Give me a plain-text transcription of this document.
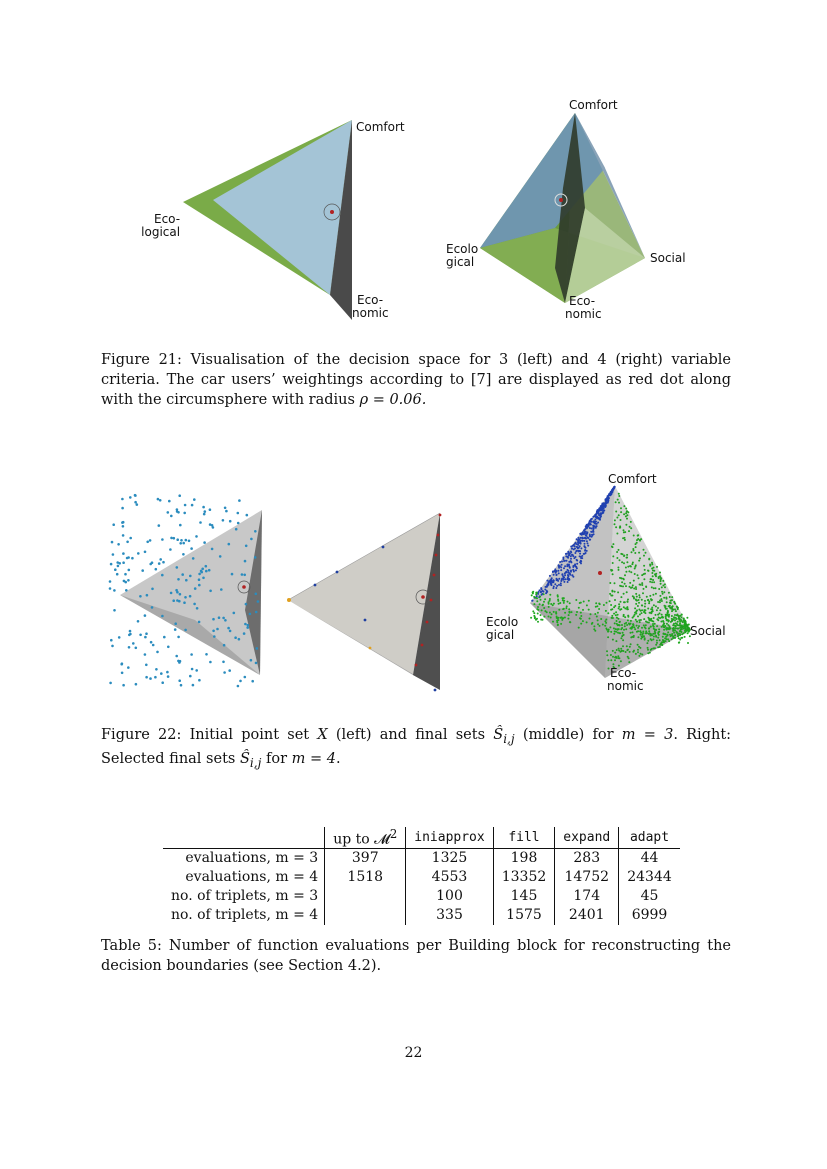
Comfort
Eco-
logical
Eco-
nomic
Comfort
Ecolo
gical	Social
Eco-
nomic
Figure 21: Visualisation of the decision space for 3 (left) and 4 (right) variable criteria. The car users’ weightings according to [7] are displayed as red dot along with the circumsphere with radius ρ = 0.06.
Comfort
Ecolo
gical	Social
Eco-
nomic
Figure 22: Initial point set X (left) and final sets $Ŝ_{i,j}$ (middle) for m = 3. Right: Selected final sets $Ŝ_{i,j}$ for m = 4.
	up to 𝓜$^2$	iniapprox	fill	expand	adapt
evaluations, m = 3	397	1325	198	283	44
evaluations, m = 4	1518	4553	13352	14752	24344
no. of triplets, m = 3		100	145	174	45
no. of triplets, m = 4		335	1575	2401	6999
Table 5: Number of function evaluations per Building block for reconstructing the decision boundaries (see Section 4.2).
22
